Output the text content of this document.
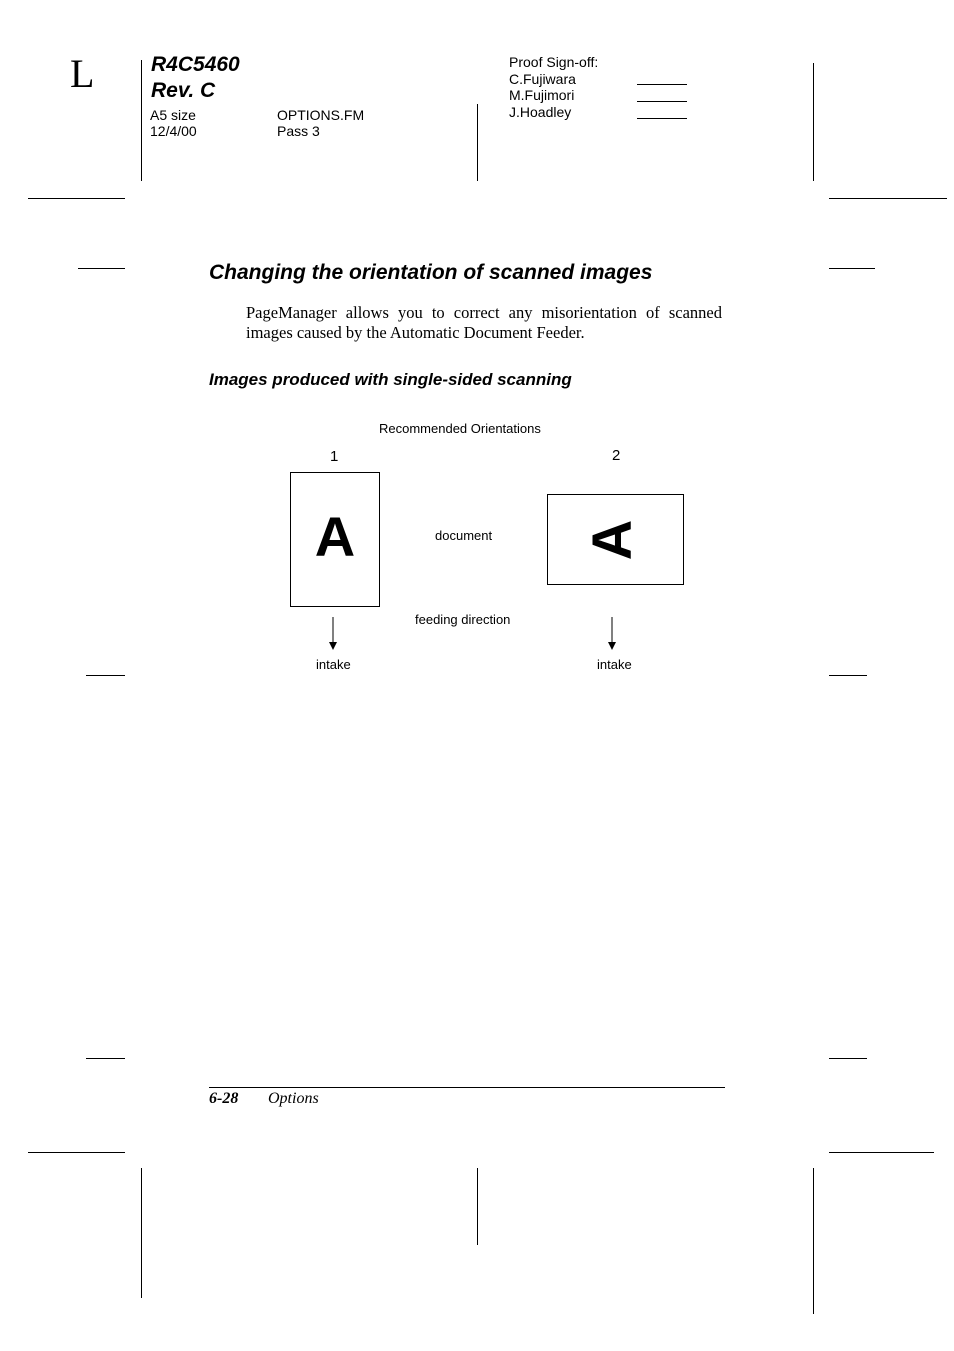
L	R4C5460
Rev. C
A5 size
12/4/00
OPTIONS.FM
Pass 3
Proof Sign-off:
C.Fujiwara
M.Fujimori
J.Hoadley
Changing the orientation of scanned images

PageManager allows you to correct any misorientation of scanned images caused by the Automatic Document Feeder.

Images produced with single-sided scanning
Recommended Orientations
1	2
A	document A
feeding direction
intake	intake
6-28 Options
